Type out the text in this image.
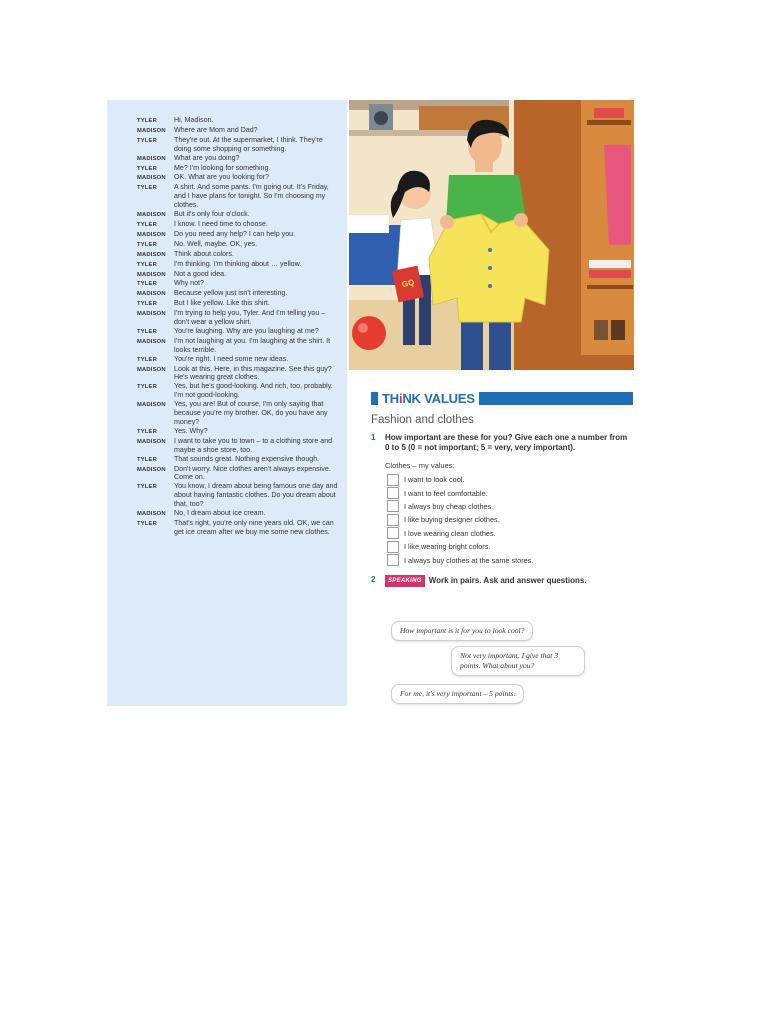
TYLER	Hi, Madison.
MADISON	Where are Mom and Dad?
TYLER	They're out. At the supermarket, I think. They're doing some shopping or something.
MADISON	What are you doing?
TYLER	Me? I'm looking for something.
MADISON	OK. What are you looking for?
TYLER	A shirt. And some pants. I'm going out. It's Friday, and I have plans for tonight. So I'm choosing my clothes.
MADISON	But it's only four o'clock.
TYLER	I know. I need time to choose.
MADISON	Do you need any help? I can help you.
TYLER	No. Well, maybe. OK, yes.
MADISON	Think about colors.
TYLER	I'm thinking. I'm thinking about … yellow.
MADISON	Not a good idea.
TYLER	Why not?
MADISON	Because yellow just isn't interesting.
TYLER	But I like yellow. Like this shirt.
MADISON	I'm trying to help you, Tyler. And I'm telling you – don't wear a yellow shirt.
TYLER	You're laughing. Why are you laughing at me?
MADISON	I'm not laughing at you. I'm laughing at the shirt. It looks terrible.
TYLER	You're right. I need some new ideas.
MADISON	Look at this. Here, in this magazine. See this guy? He's wearing great clothes.
TYLER	Yes, but he's good-looking. And rich, too, probably. I'm not good-looking.
MADISON	Yes, you are! But of course, I'm only saying that because you're my brother. OK, do you have any money?
TYLER	Yes. Why?
MADISON	I want to take you to town – to a clothing store and maybe a shoe store, too.
TYLER	That sounds great. Nothing expensive though.
MADISON	Don't worry. Nice clothes aren't always expensive. Come on.
TYLER	You know, I dream about being famous one day and about having fantastic clothes. Do you dream about that, too?
MADISON	No, I dream about ice cream.
TYLER	That's right, you're only nine years old. OK, we can get ice cream after we buy me some new clothes.
GQ
THiNK VALUES
Fashion and clothes
1	How important are these for you? Give each one a number from 0 to 5 (0 = not important; 5 = very, very important).
Clothes – my values:
I want to look cool.
I want to feel comfortable.
I always buy cheap clothes.
I like buying designer clothes.
I love wearing clean clothes.
I like wearing bright colors.
I always buy clothes at the same stores.
2	SPEAKING Work in pairs. Ask and answer questions.
How important is it for you to look cool?
Not very important. I give that 3 points. What about you?
For me, it's very important – 5 points.
